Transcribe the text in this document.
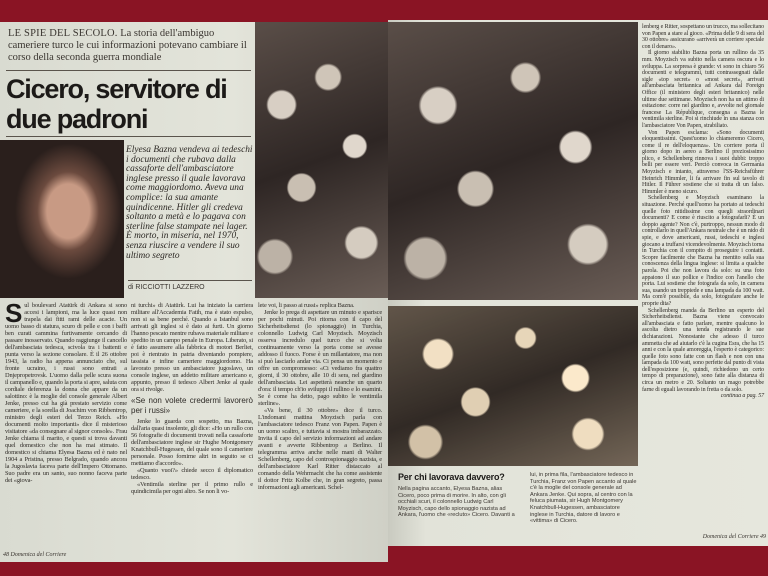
LE SPIE DEL SECOLO. La storia dell'ambiguo cameriere turco le cui informazioni potevano cambiare il corso della seconda guerra mondiale
Cicero, servitore di due padroni
Elyesa Bazna vendeva ai tedeschi i documenti che rubava dalla cassaforte dell'ambasciatore inglese presso il quale lavorava come maggiordomo. Aveva una complice: la sua amante quindicenne. Hitler gli credeva soltanto a metà e lo pagava con sterline false stampate nei lager. È morto, in miseria, nel 1970, senza riuscire a vendere il suo ultimo segreto
di RICCIOTTI LAZZERO
Sul boulevard Atatürk di Ankara si sono accesi i lampioni, ma la luce quasi non trapela dai fitti rami delle acacie. Un uomo basso di statura, scuro di pelle e con i baffi ben curati cammina furtivamente cercando di passare inosservato. Quando raggiunge il cancello dell'ambasciata tedesca, scivola tra i battenti e punta verso la sezione consolare. È il 26 ottobre 1943, la radio ha appena annunciato che, sul fronte ucraino, i russi sono entrati a Dnjepropetrovsk. L'uomo dalla pelle scura suona il campanello e, quando la porta si apre, saluta con cordiale deferenza la donna che appare da un salottino: è la moglie del console generale Albert Jenke, presso cui ha già prestato servizio come cameriere, e la sorella di Joachim von Ribbentrop, ministro degli esteri del Terzo Reich. «Ho documenti molto importanti» dice il misterioso visitatore «da consegnare al signor console». Frau Jenke chiama il marito, e questi si trova davanti quel domestico che non ha mai stimato. Il domestico si chiama Elyesa Bazna ed è nato nel 1904 a Pristina, presso Belgrado, quando ancora la Jugoslavia faceva parte dell'Impero Ottomano. Suo padre era un santo, suo nonno faceva parte dei «giova-

ni turchi» di Atatürk. Lui ha iniziato la carriera militare all'Accademia Fatih, ma è stato espulso, non si sa bene perché. Quando a Istanbul sono arrivati gli inglesi si è dato ai furti. Un giorno l'hanno pescato mentre rubava materiale militare e spedito in un campo penale in Europa. Liberato, si è fatto assumere alla fabbrica di motori Berliet, poi è rientrato in patria diventando pompiere, tassista e infine cameriere maggiordomo. Ha lavorato presso un ambasciatore jugoslavo, un console inglese, un addetto militare americano e, appunto, presso il tedesco Albert Jenke al quale ora si rivolge.

«Se non volete credermi lavorerò per i russi»

Jenke lo guarda con sospetto, ma Bazna, dall'aria quasi insolente, gli dice: «Ho un rullo con 56 fotografie di documenti trovati nella cassaforte dell'ambasciatore inglese sir Hughe Montgomery Knatchbull-Hugessen, del quale sono il cameriere personale. Posso fornirne altri in seguito se ci mettiamo d'accordo».

«Quanto vuoi?» chiede secco il diplomatico tedesco.

«Ventimila sterline per il primo rullo e quindicimila per ogni altro. Se non li vo-

lete voi, li passo ai russi» replica Bazna.

Jenke lo prega di aspettare un minuto e sparisce per pochi minuti. Poi ritorna con il capo del Sicherheitsdienst (lo spionaggio) in Turchia, colonnello Ludwig Carl Moyzisch. Moyzisch osserva incredulo quel turco che si volta continuamente verso la porta come se avesse addosso il fuoco. Forse è un millantatore, ma non si può lasciarlo andar via. Ci pensa un momento e offre un compromesso: «Ci vediamo fra quattro giorni, il 30 ottobre, alle 10 di sera, nel giardino dell'ambasciata. Lei aspetterà neanche un quarto d'ora: il tempo ch'io sviluppi il rullino e lo esamini. Se è come ha detto, pago subito le ventimila sterline».

«Va bene, il 30 ottobre» dice il turco. L'indomani mattina Moyzisch parla con l'ambasciatore tedesco Franz von Papen. Papen è un uomo scaltro, e tuttavia si mostra imbarazzato. Invita il capo del servizio informazioni ad andare avanti e avverte Ribbentrop a Berlino. Il telegramma arriva anche nelle mani di Walter Schellenberg, capo del controspionaggio nazista, e dell'ambasciatore Karl Ritter distaccato al comando della Wehrmacht che ha come assistente il dottor Fritz Kolbe che, in gran segreto, passa informazioni agli americani. Schel-

48 Domenica del Corriere

lenberg e Ritter, sospettano un trucco, ma sollecitano von Papen a stare al gioco. «Prima delle 9 di sera del 30 ottobre» assicurano «arriverà un corriere speciale con il denaro».

Il giorno stabilito Bazna porta un rullino da 35 mm. Moyzisch va subito nella camera oscura e lo sviluppa. La sorpresa è grande: vi sono in chiaro 56 documenti e telegrammi, tutti contrassegnati dalle sigle «top secret» o «most secret», arrivati all'ambasciata britannica ad Ankara dal Foreign Office (il ministero degli esteri britannico) nelle ultime due settimane. Moyzisch non ha un attimo di esitazione: corre nel giardino e, avvolte nel giornale francese La République, consegna a Bazna le ventimila sterline. Poi si rinchiude in una stanza con l'ambasciatore Von Papen, strabiliato.

Von Papen esclama: «Sono documenti eloquentissimi. Quest'uomo lo chiameremo Cicero, come il re dell'eloquenza». Un corriere porta il giorno dopo in aereo a Berlino il preziosissimo plico, e Schellenberg rinnova i suoi dubbi: troppo belli per essere veri. Perciò convoca in Germania Moyzisch e intanto, attraverso l'SS-Reichsführer Heinrich Himmler, li fa arrivare fin sul tavolo di Hitler. Il Führer sostiene che si tratta di un falso. Himmler è meno sicuro.

Schellenberg e Moyzisch esaminano la situazione. Perché quell'uomo ha portato ai tedeschi quelle foto nitidissime con quegli straordinari documenti? E come è riuscito a fotografarli? È un doppio agente? Non c'è, purtroppo, nessun modo di controllarlo in quell'Ankara neutrale che è un nido di spie, e dove americani, russi, tedeschi e inglesi giocano a truffarsi vicendevolmente. Moyzisch torna in Turchia con il compito di proseguire i contatti. Scopre facilmente che Bazna ha mentito sulla sua conoscenza della lingua inglese: si limita a qualche parola. Poi che non lavora da solo: su una foto appaiono il suo pollice e l'indice con l'anello che porta. Lui sostiene che fotografa da solo, in camera sua, usando un treppiede e una lampada da 100 watt. Ma com'è possibile, da solo, fotografare anche le proprie dita?

Schellenberg manda da Berlino un esperto del Sicherheitsdienst. Bazna viene convocato all'ambasciata e fatto parlare, mentre qualcuno lo ascolta dietro una tenda registrando le sue dichiarazioni. Nonostante che adesso il turco ammetta che ad aiutarlo c'è la cugina Esra, che ha 15 anni e con la quale amoreggia, l'esperto è categorico: quelle foto sono fatte con un flash e non con una lampada da 100 watt, sono perfette dal punto di vista dell'esposizione (e, quindi, richiedono un certo tempo di preparazione), sono fatte alla distanza di circa un metro e 20. Soltanto un mago potrebbe farne di eguali lavorando in fretta o da solo.

continua a pag. 57

Per chi lavorava davvero?
Nella pagina accanto, Elyesa Bazna, alias Cicero, poco prima di morire. In alto, con gli occhiali scuri, il colonnello Ludwig Carl Moyzisch, capo dello spionaggio nazista ad Ankara, l'uomo che «recluto» Cicero. Davanti a
lui, in prima fila, l'ambasciatore tedesco in Turchia, Franz von Papen accanto al quale c'è la moglie del console generale ad Ankara Jenke. Qui sopra, al centro con la feluca piumata, sir Hugh Montgomery Knatchbull-Hugessen, ambasciatore inglese in Turchia, datore di lavoro e «vittima» di Cicero.
Domenica del Corriere 49
